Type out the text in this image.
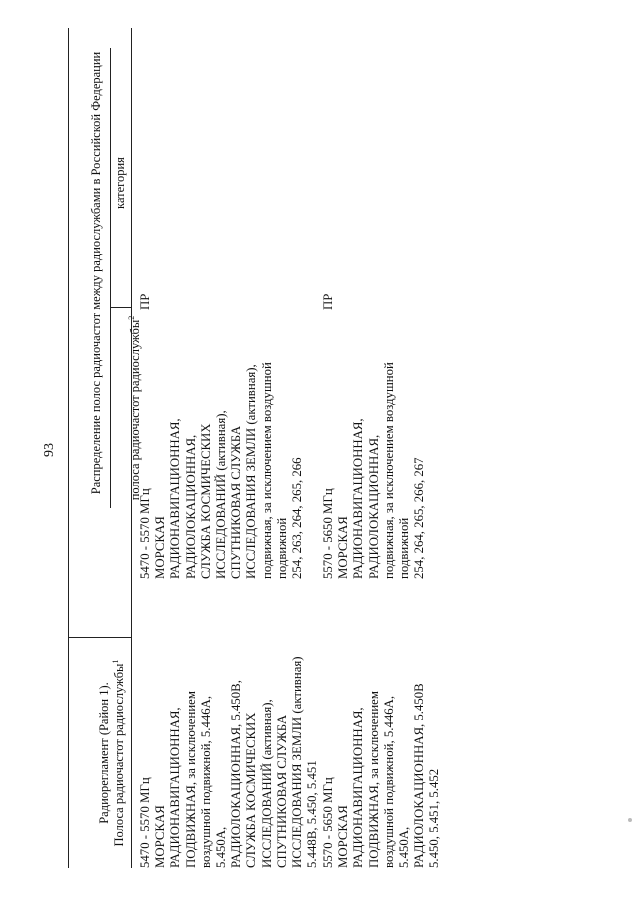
93

Радиорегламент (Район 1).
Полоса радиочастот радиослужбы$^1$

Распределение полос радиочастот между радиослужбами в Российской Федерации	полоса радиочастот радиослужбы$^2$

категория
5470 - 5570 МГц
МОРСКАЯ
РАДИОНАВИГАЦИОННАЯ,
ПОДВИЖНАЯ, за исключением
воздушной подвижной, 5.446A,
5.450A,
РАДИОЛОКАЦИОННАЯ, 5.450B,
СЛУЖБА КОСМИЧЕСКИХ
ИССЛЕДОВАНИЙ (активная),
СПУТНИКОВАЯ СЛУЖБА
ИССЛЕДОВАНИЯ ЗЕМЛИ (активная)
5.448B, 5.450, 5.451
5470 - 5570 МГц
МОРСКАЯ
РАДИОНАВИГАЦИОННАЯ,
РАДИОЛОКАЦИОННАЯ,
СЛУЖБА КОСМИЧЕСКИХ
ИССЛЕДОВАНИЙ (активная),
СПУТНИКОВАЯ СЛУЖБА
ИССЛЕДОВАНИЯ ЗЕМЛИ (активная),
подвижная, за исключением воздушной
подвижной
254, 263, 264, 265, 266
ПР
5570 - 5650 МГц
МОРСКАЯ
РАДИОНАВИГАЦИОННАЯ,
ПОДВИЖНАЯ, за исключением
воздушной подвижной, 5.446A,
5.450A,
РАДИОЛОКАЦИОННАЯ, 5.450B
5.450, 5.451, 5.452
5570 - 5650 МГц
МОРСКАЯ
РАДИОНАВИГАЦИОННАЯ,
РАДИОЛОКАЦИОННАЯ,
подвижная, за исключением воздушной
подвижной
254, 264, 265, 266, 267
ПР
